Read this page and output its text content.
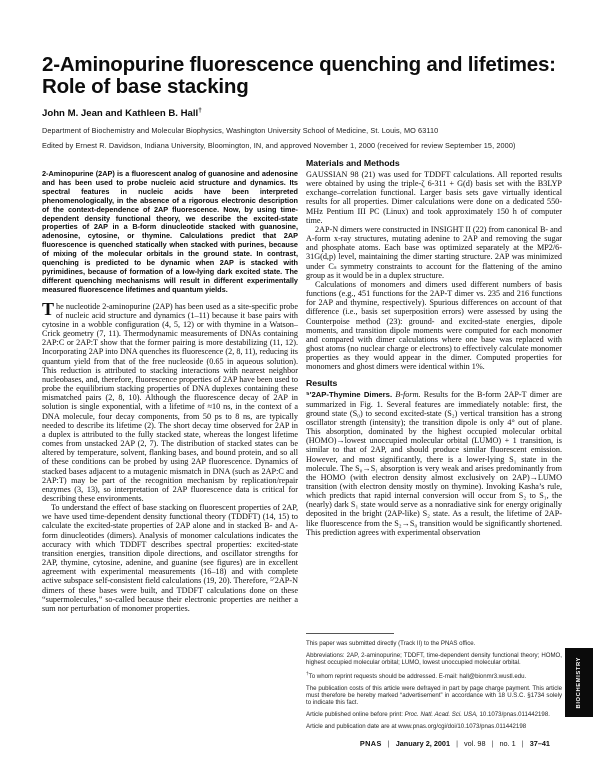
2-Aminopurine fluorescence quenching and lifetimes:
Role of base stacking

John M. Jean and Kathleen B. Hall†

Department of Biochemistry and Molecular Biophysics, Washington University School of Medicine, St. Louis, MO 63110

Edited by Ernest R. Davidson, Indiana University, Bloomington, IN, and approved November 1, 2000 (received for review September 15, 2000)

2-Aminopurine (2AP) is a fluorescent analog of guanosine and adenosine and has been used to probe nucleic acid structure and dynamics. Its spectral features in nucleic acids have been interpreted phenomenologically, in the absence of a rigorous electronic description of the context-dependence of 2AP fluorescence. Now, by using time-dependent density functional theory, we describe the excited-state properties of 2AP in a B-form dinucleotide stacked with guanosine, adenosine, cytosine, or thymine. Calculations predict that 2AP fluorescence is quenched statically when stacked with purines, because of mixing of the molecular orbitals in the ground state. In contrast, quenching is predicted to be dynamic when 2AP is stacked with pyrimidines, because of formation of a low-lying dark excited state. The different quenching mechanisms will result in different experimentally measured fluorescence lifetimes and quantum yields.

The nucleotide 2-aminopurine (2AP) has been used as a site-specific probe of nucleic acid structure and dynamics (1–11) because it base pairs with cytosine in a wobble configuration (4, 5, 12) or with thymine in a Watson–Crick geometry (7, 11). Thermodynamic measurements of DNAs containing 2AP:C or 2AP:T show that the former pairing is more destabilizing (11, 12). Incorporating 2AP into DNA quenches its fluorescence (2, 8, 11), reducing its quantum yield from that of the free nucleoside (0.65 in aqueous solution). This reduction is attributed to stacking interactions with nearest neighbor nucleobases, and, therefore, fluorescence properties of 2AP have been used to probe the equilibrium stacking properties of DNA duplexes containing these mismatched pairs (2, 8, 10). Although the fluorescence decay of 2AP in solution is single exponential, with a lifetime of ≈10 ns, in the context of a DNA molecule, four decay components, from 50 ps to 8 ns, are typically needed to describe its lifetime (2). The short decay time observed for 2AP in a duplex is attributed to the fully stacked state, whereas the longest lifetime comes from unstacked 2AP (2, 7). The distribution of stacked states can be altered by temperature, solvent, flanking bases, and bound protein, and so all of these conditions can be probed by using 2AP fluorescence. Dynamics of stacked bases adjacent to a mutagenic mismatch in DNA (such as 2AP:C and 2AP:T) may be part of the recognition mechanism by replication/repair enzymes (3, 13), so interpretation of 2AP fluorescence data is critical for describing these environments.

To understand the effect of base stacking on fluorescent properties of 2AP, we have used time-dependent density functional theory (TDDFT) (14, 15) to calculate the excited-state properties of 2AP alone and in stacked B- and A-form dinucleotides (dimers). Analysis of monomer calculations indicates the accuracy with which TDDFT describes spectral properties: excited-state transition energies, transition dipole directions, and oscillator strengths for 2AP, thymine, cytosine, adenine, and guanine (see figures) are in excellent agreement with experimental measurements (16–18) and with complete active subspace self-consistent field calculations (19, 20). Therefore, ⁵′2AP-N dimers of these bases were built, and TDDFT calculations done on these “supermolecules,” so-called because their electronic properties are neither a sum nor perturbation of monomer properties.

Materials and Methods

GAUSSIAN 98 (21) was used for TDDFT calculations. All reported results were obtained by using the triple-ζ 6-311 + G(d) basis set with the B3LYP exchange–correlation functional. Larger basis sets gave virtually identical results for all properties. Dimer calculations were done on a dedicated 550-MHz Pentium III PC (Linux) and took approximately 150 h of computer time.

2AP-N dimers were constructed in INSIGHT II (22) from canonical B- and A-form x-ray structures, mutating adenine to 2AP and removing the sugar and phosphate atoms. Each base was optimized separately at the MP2/6-31G(d,p) level, maintaining the dimer starting structure. 2AP was minimized under Cₛ symmetry constraints to account for the flattening of the amino group as it would be in a duplex structure.

Calculations of monomers and dimers used different numbers of basis functions (e.g., 451 functions for the 2AP-T dimer vs. 235 and 216 functions for 2AP and thymine, respectively). Spurious differences on account of that difference (i.e., basis set superposition errors) were assessed by using the Counterpoise method (23): ground- and excited-state energies, dipole moments, and transition dipole moments were computed for each monomer and compared with dimer calculations where one base was replaced with ghost atoms (no nuclear charge or electrons) to effectively calculate monomer properties as they would appear in the dimer. Computed properties for monomers and ghost dimers were identical within 1%.

Results

⁵′2AP-Thymine Dimers. B-form. Results for the B-form 2AP-T dimer are summarized in Fig. 1. Several features are immediately notable: first, the ground state (S₀) to second excited-state (S₂) vertical transition has a strong oscillator strength (intensity); the transition dipole is only 4° out of plane. This absorption, dominated by the highest occupied molecular orbital (HOMO)→lowest unoccupied molecular orbital (LUMO) + 1 transition, is similar to that of 2AP, and should produce similar fluorescent emission. However, and most significantly, there is a lower-lying S₁ state in the molecule. The S₀→S₁ absorption is very weak and arises predominantly from the HOMO (with electron density almost exclusively on 2AP)→LUMO transition (with electron density mostly on thymine). Invoking Kasha’s rule, which predicts that rapid internal conversion will occur from S₂ to S₁, the (nearly) dark S₁ state would serve as a nonradiative sink for energy originally deposited in the bright (2AP-like) S₂ state. As a result, the lifetime of 2AP-like fluorescence from the S₂→S₀ transition would be significantly shortened. This prediction agrees with experimental observation

This paper was submitted directly (Track II) to the PNAS office.

Abbreviations: 2AP, 2-aminopurine; TDDFT, time-dependent density functional theory; HOMO, highest occupied molecular orbital; LUMO, lowest unoccupied molecular orbital.

†To whom reprint requests should be addressed. E-mail: hall@bionmr3.wustl.edu.

The publication costs of this article were defrayed in part by page charge payment. This article must therefore be hereby marked “advertisement” in accordance with 18 U.S.C. §1734 solely to indicate this fact.

Article published online before print: Proc. Natl. Acad. Sci. USA, 10.1073/pnas.011442198.

Article and publication date are at www.pnas.org/cgi/doi/10.1073/pnas.011442198

PNAS | January 2, 2001 | vol. 98 | no. 1 | 37–41
BIOCHEMISTRY
